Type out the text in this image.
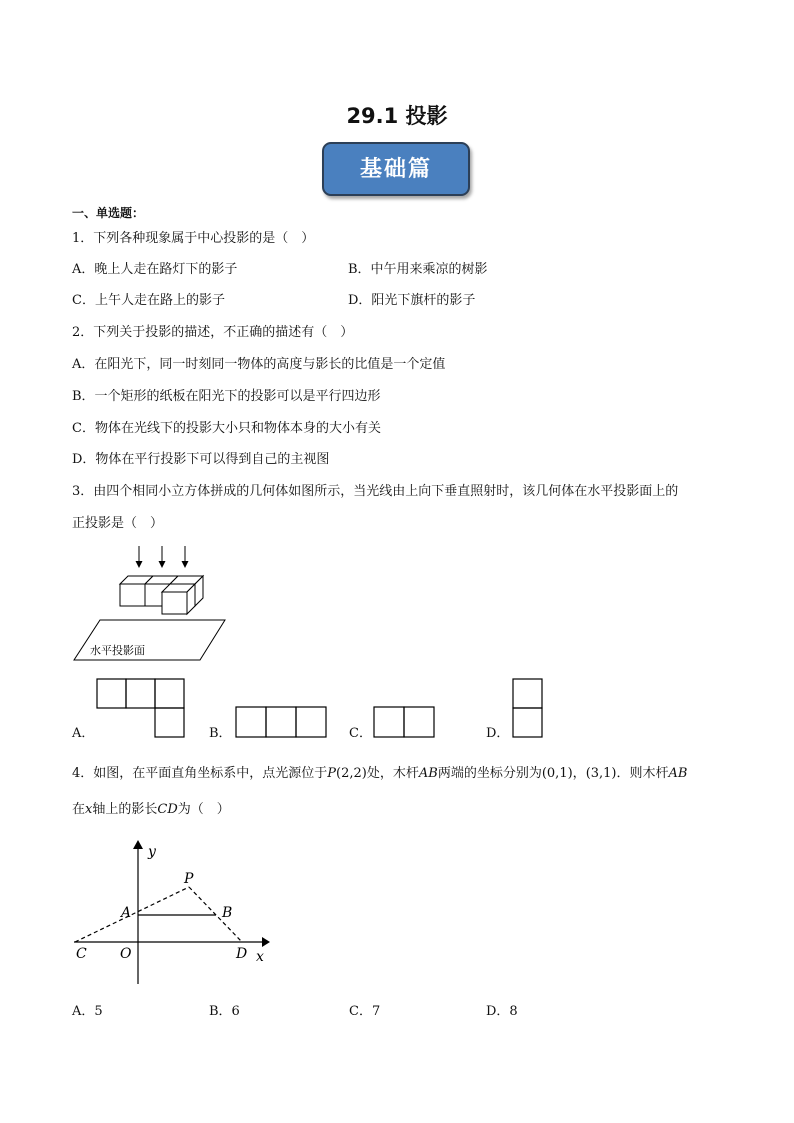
29.1 投影
基础篇
一、单选题：
1．下列各种现象属于中心投影的是（　）
A．晚上人走在路灯下的影子	B．中午用来乘凉的树影
C．上午人走在路上的影子	D．阳光下旗杆的影子
2．下列关于投影的描述，不正确的描述有（　）
A．在阳光下，同一时刻同一物体的高度与影长的比值是一个定值
B．一个矩形的纸板在阳光下的投影可以是平行四边形
C．物体在光线下的投影大小只和物体本身的大小有关
D．物体在平行投影下可以得到自己的主视图
3．由四个相同小立方体拼成的几何体如图所示，当光线由上向下垂直照射时，该几何体在水平投影面上的
正投影是（　）
水平投影面
A．	B．	C．	D．
4．如图，在平面直角坐标系中，点光源位于P(2,2)处，木杆AB两端的坐标分别为(0,1)，(3,1)．则木杆AB
在x轴上的影长CD为（　）
y
x
P
A	B
C O	D
A．5	B．6	C．7	D．8
